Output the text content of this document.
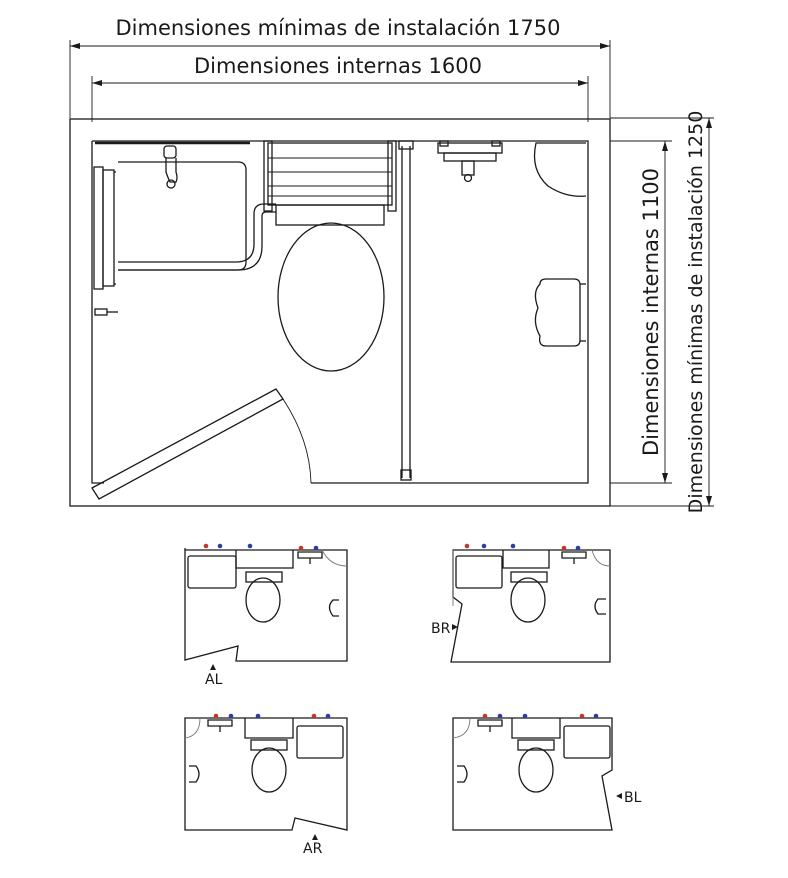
Dimensiones mínimas de instalación 1750
Dimensiones internas 1600
Dimensiones internas 1100 Dimensiones mínimas de instalación 1250
AL
BR
AR
BL
